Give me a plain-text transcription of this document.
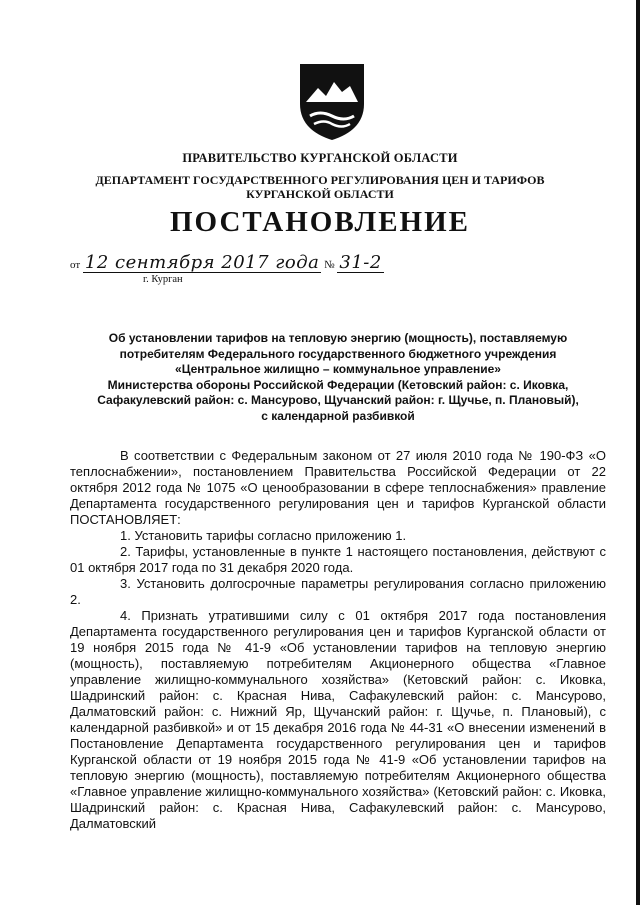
ПРАВИТЕЛЬСТВО КУРГАНСКОЙ ОБЛАСТИ
ДЕПАРТАМЕНТ ГОСУДАРСТВЕННОГО РЕГУЛИРОВАНИЯ ЦЕН И ТАРИФОВ КУРГАНСКОЙ ОБЛАСТИ
ПОСТАНОВЛЕНИЕ
от 12 сентября 2017 года № 31-2
г. Курган
Об установлении тарифов на тепловую энергию (мощность), поставляемую
потребителям Федерального государственного бюджетного учреждения
«Центральное жилищно – коммунальное управление»
Министерства обороны Российской Федерации (Кетовский район: с. Иковка,
Сафакулевский район: с. Мансурово, Щучанский район: г. Щучье, п. Плановый),
с календарной разбивкой

В соответствии с Федеральным законом от 27 июля 2010 года № 190-ФЗ «О теплоснабжении», постановлением Правительства Российской Федерации от 22 октября 2012 года № 1075 «О ценообразовании в сфере теплоснабжения» правление Департамента государственного регулирования цен и тарифов Курганской области ПОСТАНОВЛЯЕТ:

1. Установить тарифы согласно приложению 1.

2. Тарифы, установленные в пункте 1 настоящего постановления, действуют с 01 октября 2017 года по 31 декабря 2020 года.

3. Установить долгосрочные параметры регулирования согласно приложению 2.

4. Признать утратившими силу с 01 октября 2017 года постановления Департамента государственного регулирования цен и тарифов Курганской области от 19 ноября 2015 года № 41-9 «Об установлении тарифов на тепловую энергию (мощность), поставляемую потребителям Акционерного общества «Главное управление жилищно-коммунального хозяйства» (Кетовский район: с. Иковка, Шадринский район: с. Красная Нива, Сафакулевский район: с. Мансурово, Далматовский район: с. Нижний Яр, Щучанский район: г. Щучье, п. Плановый), с календарной разбивкой» и от 15 декабря 2016 года № 44-31 «О внесении изменений в Постановление Департамента государственного регулирования цен и тарифов Курганской области от 19 ноября 2015 года № 41-9 «Об установлении тарифов на тепловую энергию (мощность), поставляемую потребителям Акционерного общества «Главное управление жилищно-коммунального хозяйства» (Кетовский район: с. Иковка, Шадринский район: с. Красная Нива, Сафакулевский район: с. Мансурово, Далматовский
